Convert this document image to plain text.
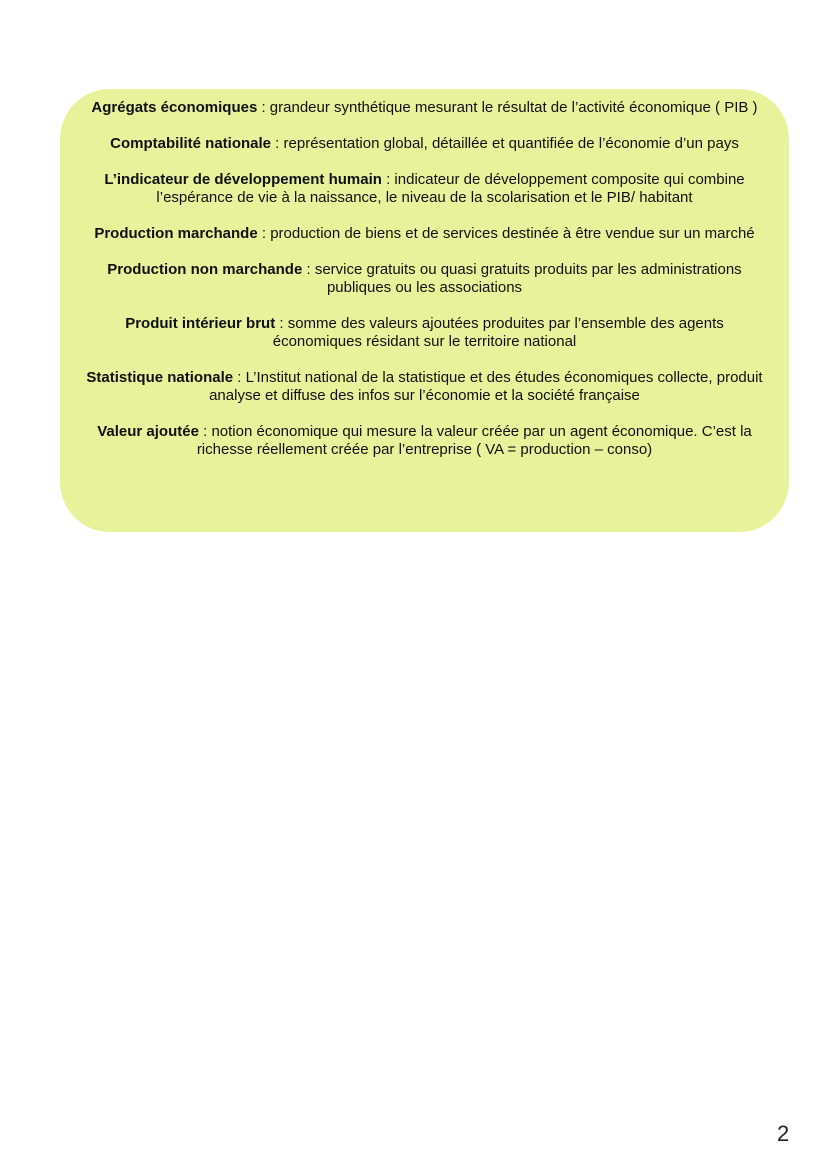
Agrégats économiques : grandeur synthétique mesurant le résultat de l’activité économique ( PIB )

Comptabilité nationale : représentation global, détaillée et quantifiée de l’économie d’un pays

L’indicateur de développement humain : indicateur de développement composite qui combine l’espérance de vie à la naissance, le niveau de la scolarisation et le PIB/ habitant

Production marchande : production de biens et de services destinée à être vendue sur un marché

Production non marchande : service gratuits ou quasi gratuits produits par les administrations publiques ou les associations

Produit intérieur brut : somme des valeurs ajoutées produites par l’ensemble des agents économiques résidant sur le territoire national

Statistique nationale : L’Institut national de la statistique et des études économiques collecte, produit analyse et diffuse des infos sur l’économie et la société française

Valeur ajoutée : notion économique qui mesure la valeur créée par un agent économique. C’est la richesse réellement créée par l’entreprise ( VA = production – conso)

2
